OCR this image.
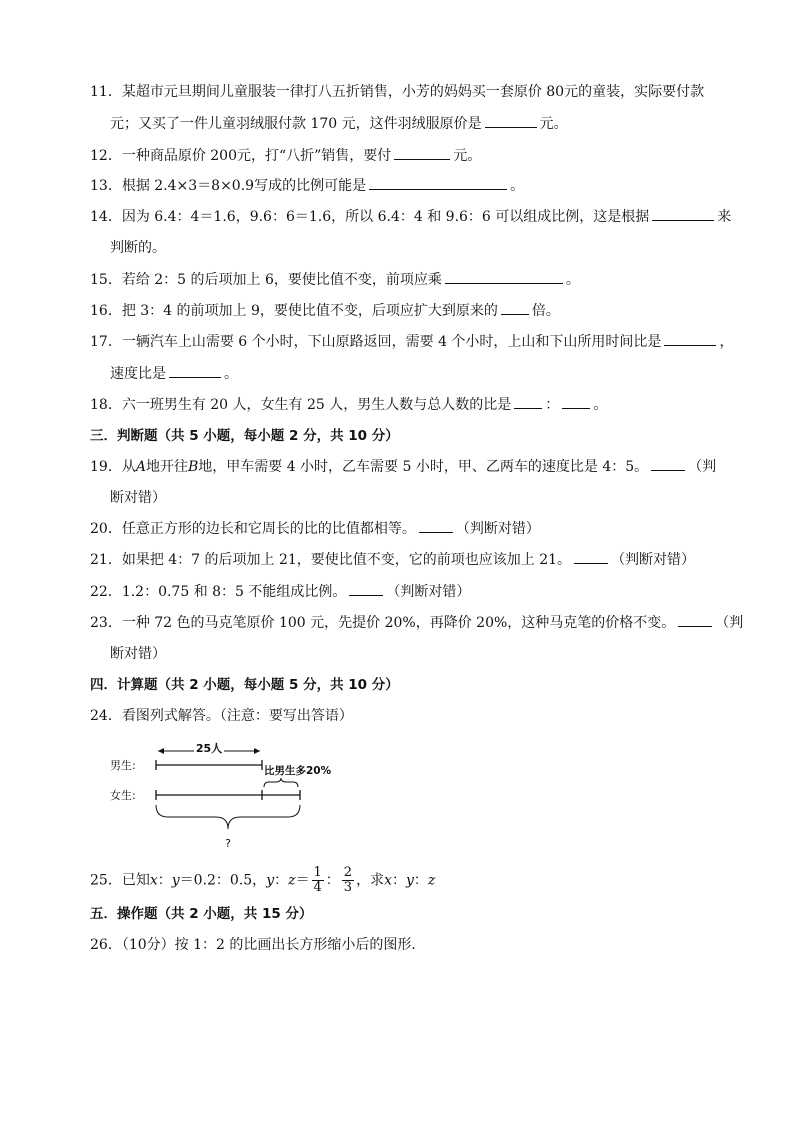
11．某超市元旦期间儿童服装一律打八五折销售，小芳的妈妈买一套原价 80元的童装，实际要付款
元；又买了一件儿童羽绒服付款 170 元，这件羽绒服原价是	元。
12．一种商品原价 200元，打“八折”销售，要付	元。
13．根据 2.4×3＝8×0.9写成的比例可能是	。
14．因为 6.4：4＝1.6，9.6：6＝1.6，所以 6.4：4 和 9.6：6 可以组成比例，这是根据	来
判断的。
15．若给 2：5 的后项加上 6，要使比值不变，前项应乘	。
16．把 3：4 的前项加上 9，要使比值不变，后项应扩大到原来的 倍。
17．一辆汽车上山需要 6 个小时，下山原路返回，需要 4 个小时，上山和下山所用时间比是	，
速度比是	。
18．六一班男生有 20 人，女生有 25 人，男生人数与总人数的比是 ： 。
三．判断题（共 5 小题，每小题 2 分，共 10 分）
19．从A地开往B地，甲车需要 4 小时，乙车需要 5 小时，甲、乙两车的速度比是 4：5。	（判
断对错）
20．任意正方形的边长和它周长的比的比值都相等。	（判断对错）
21．如果把 4：7 的后项加上 21，要使比值不变，它的前项也应该加上 21。	（判断对错）
22．1.2：0.75 和 8：5 不能组成比例。	（判断对错）
23．一种 72 色的马克笔原价 100 元，先提价 20%，再降价 20%，这种马克笔的价格不变。	（判
断对错）
四．计算题（共 2 小题，每小题 5 分，共 10 分）
24．看图列式解答。（注意：要写出答语）
男生:
女生:
25人
比男生多20%
?
25．已知x：y＝0.2：0.5，y：$z= \frac{1}{4}$ ： $\frac{2}{3}$ ，求x：y：z
五．操作题（共 2 小题，共 15 分）
26．（10分）按 1：2 的比画出长方形缩小后的图形．
